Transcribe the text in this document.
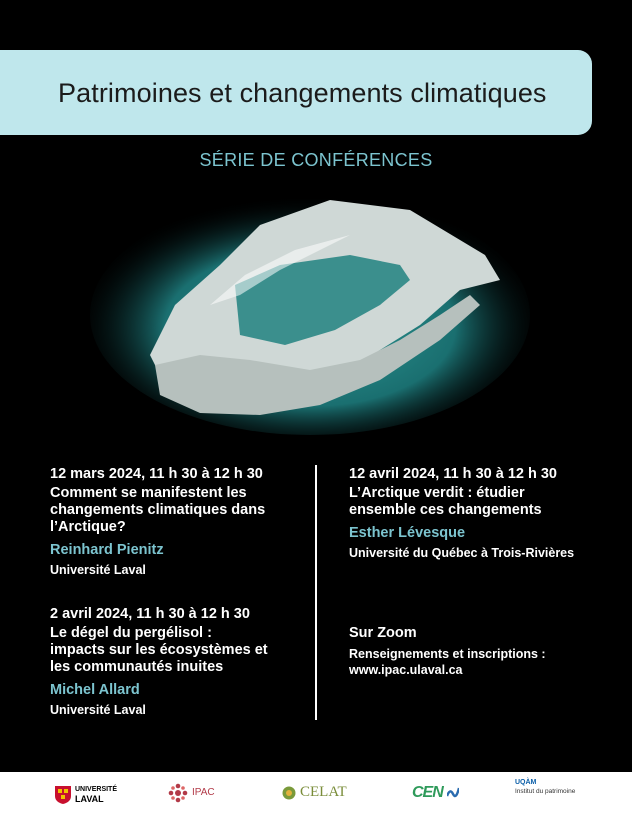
Patrimoines et changements climatiques
SÉRIE DE CONFÉRENCES
12 mars 2024, 11 h 30 à 12 h 30
Comment se manifestent les
changements climatiques dans
l’Arctique?
Reinhard Pienitz
Université Laval
2 avril 2024, 11 h 30 à 12 h 30
Le dégel du pergélisol :
impacts sur les écosystèmes et
les communautés inuites
Michel Allard
Université Laval
12 avril 2024, 11 h 30 à 12 h 30
L’Arctique verdit : étudier
ensemble ces changements
Esther Lévesque
Université du Québec à Trois-Rivières
Sur Zoom
Renseignements et inscriptions :
www.ipac.ulaval.ca
UNIVERSITÉ
LAVAL
IPAC	CELAT	CEN
UQÀM
Institut du patrimoine
